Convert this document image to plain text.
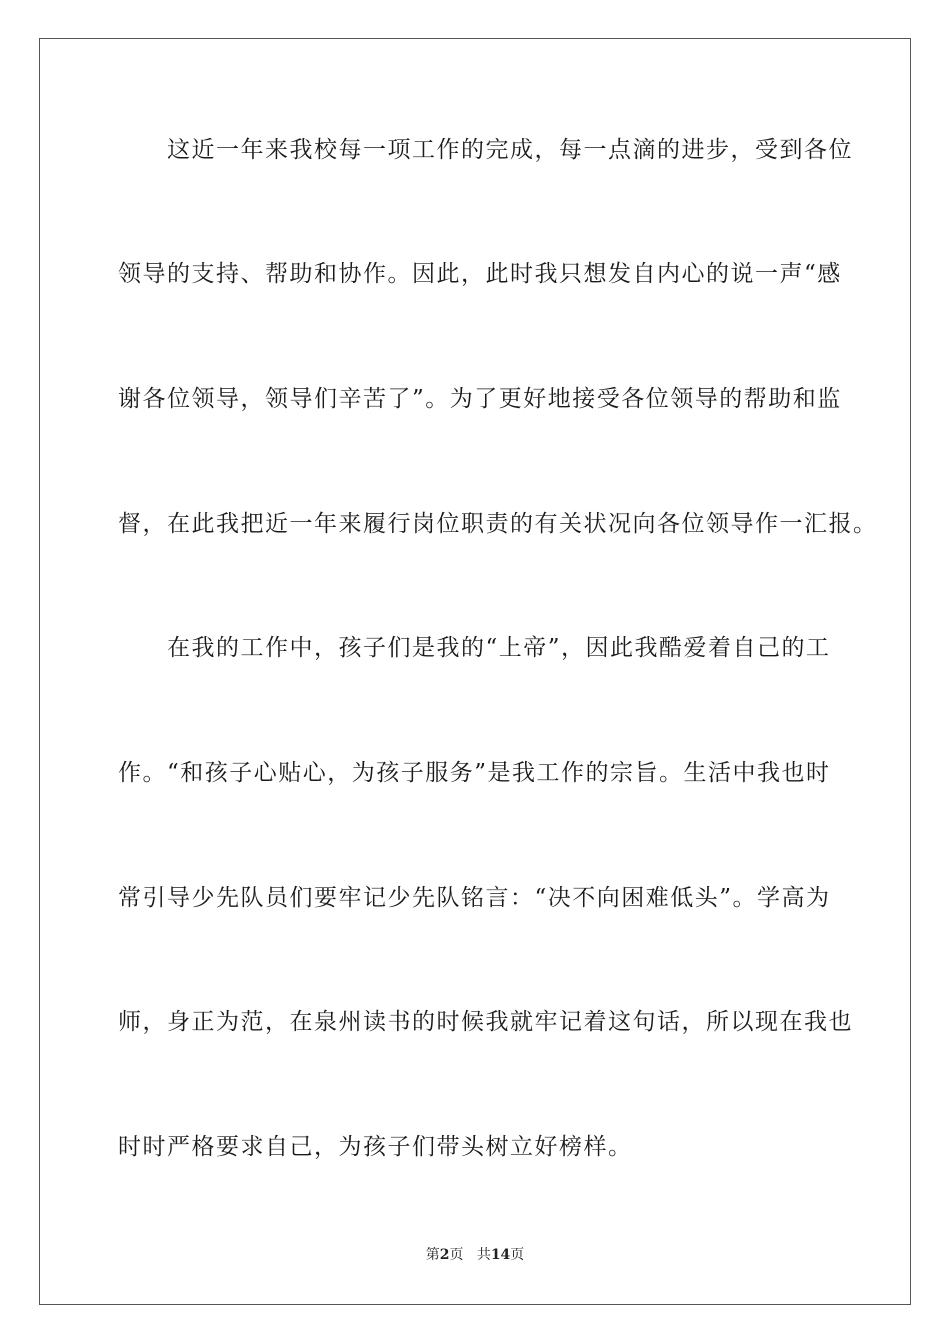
　　这近一年来我校每一项工作的完成，每一点滴的进步，受到各位
领导的支持、帮助和协作。因此，此时我只想发自内心的说一声“感
谢各位领导，领导们辛苦了”。为了更好地接受各位领导的帮助和监
督，在此我把近一年来履行岗位职责的有关状况向各位领导作一汇报。
　　在我的工作中，孩子们是我的“上帝”，因此我酷爱着自己的工
作。“和孩子心贴心，为孩子服务”是我工作的宗旨。生活中我也时
常引导少先队员们要牢记少先队铭言：“决不向困难低头”。学高为
师，身正为范，在泉州读书的时候我就牢记着这句话，所以现在我也
时时严格要求自己，为孩子们带头树立好榜样。
第2页 共14页
